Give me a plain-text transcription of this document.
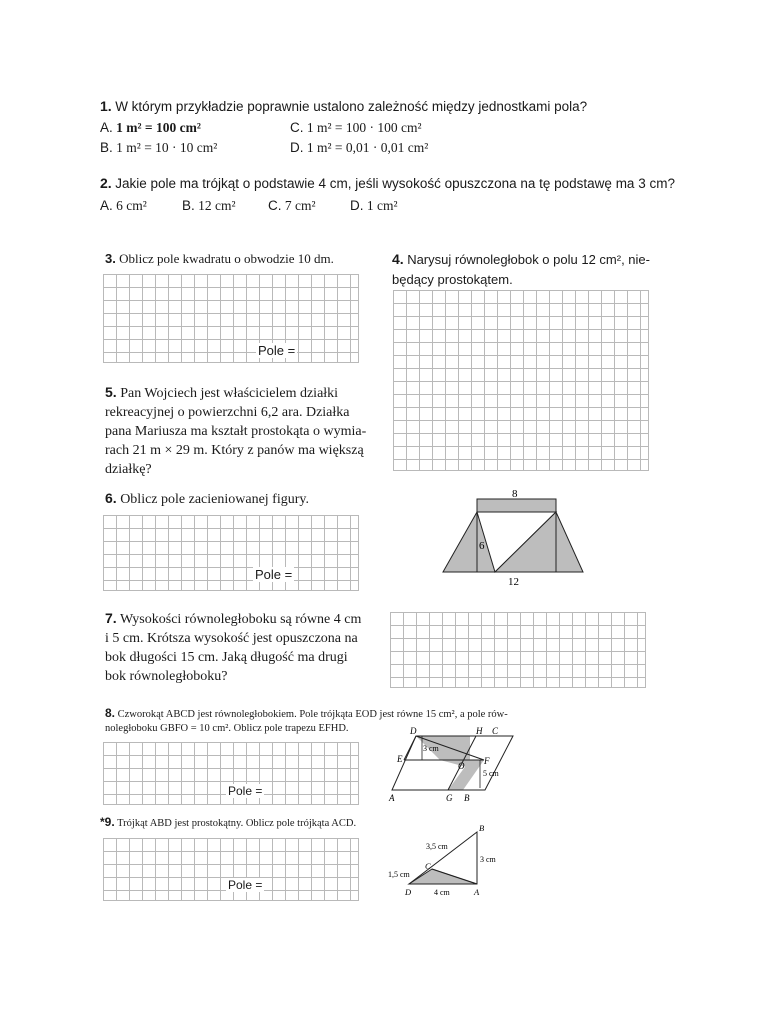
1. W którym przykładzie poprawnie ustalono zależność między jednostkami pola?
A. 1 m² = 100 cm²
B. 1 m² = 10 · 10 cm²
C. 1 m² = 100 · 100 cm²
D. 1 m² = 0,01 · 0,01 cm²
2. Jakie pole ma trójkąt o podstawie 4 cm, jeśli wysokość opuszczona na tę podstawę ma 3 cm?
A. 6 cm²	B. 12 cm² C. 7 cm²	D. 1 cm²
3. Oblicz pole kwadratu o obwodzie 10 dm.
Pole =
4. Narysuj równoległobok o polu 12 cm², nie-
będący prostokątem.
5. Pan Wojciech jest właścicielem działki
rekreacyjnej o powierzchni 6,2 ara. Działka
pana Mariusza ma kształt prostokąta o wymia-
rach 21 m × 29 m. Który z panów ma większą
działkę?
6. Oblicz pole zacieniowanej figury.
Pole =
8
6
12
7. Wysokości równoległoboku są równe 4 cm
i 5 cm. Krótsza wysokość jest opuszczona na
bok długości 15 cm. Jaką długość ma drugi
bok równoległoboku?
8. Czworokąt ABCD jest równoległobokiem. Pole trójkąta EOD jest równe 15 cm², a pole rów-
noległoboku GBFO = 10 cm². Oblicz pole trapezu EFHD.
Pole =
D	H C
E
O F
A	G B
3 cm
5 cm
*9. Trójkąt ABD jest prostokątny. Oblicz pole trójkąta ACD.
Pole =
B
C
D	A
3,5 cm
3 cm
1,5 cm
4 cm
